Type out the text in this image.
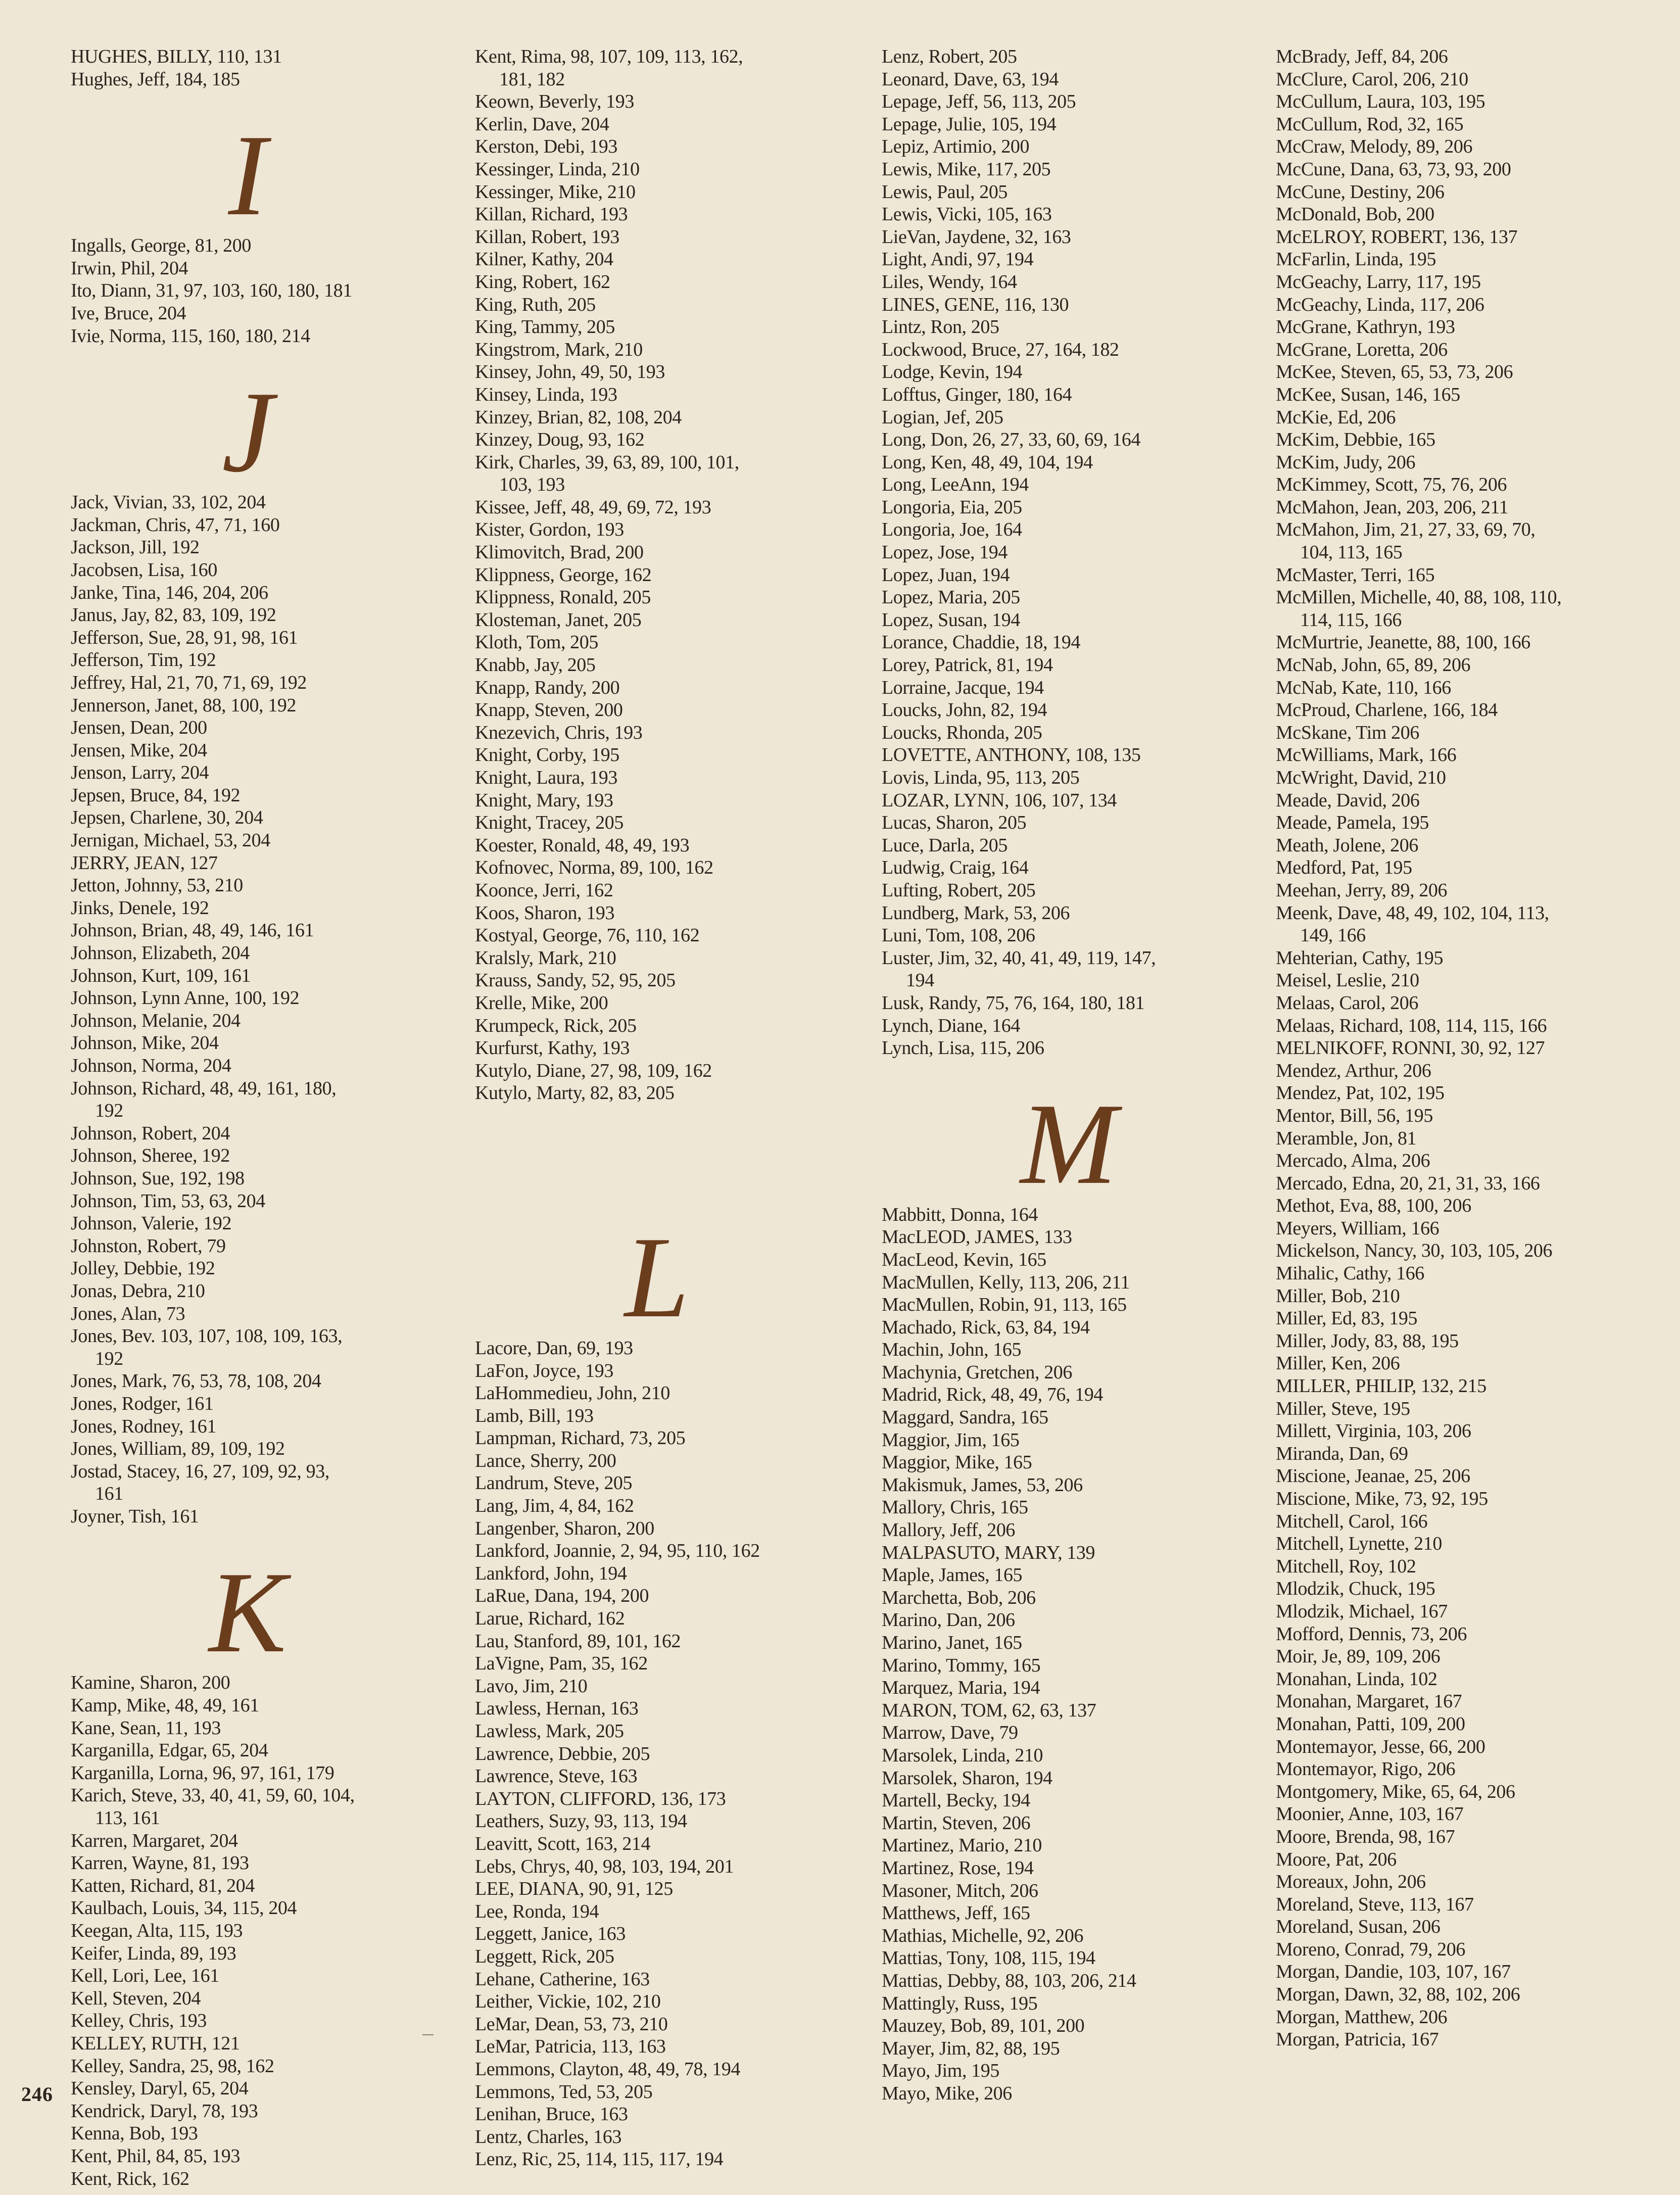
HUGHES, BILLY, 110, 131
Hughes, Jeff, 184, 185
I
Ingalls, George, 81, 200
Irwin, Phil, 204
Ito, Diann, 31, 97, 103, 160, 180, 181
Ive, Bruce, 204
Ivie, Norma, 115, 160, 180, 214
J
Jack, Vivian, 33, 102, 204
Jackman, Chris, 47, 71, 160
Jackson, Jill, 192
Jacobsen, Lisa, 160
Janke, Tina, 146, 204, 206
Janus, Jay, 82, 83, 109, 192
Jefferson, Sue, 28, 91, 98, 161
Jefferson, Tim, 192
Jeffrey, Hal, 21, 70, 71, 69, 192
Jennerson, Janet, 88, 100, 192
Jensen, Dean, 200
Jensen, Mike, 204
Jenson, Larry, 204
Jepsen, Bruce, 84, 192
Jepsen, Charlene, 30, 204
Jernigan, Michael, 53, 204
JERRY, JEAN, 127
Jetton, Johnny, 53, 210
Jinks, Denele, 192
Johnson, Brian, 48, 49, 146, 161
Johnson, Elizabeth, 204
Johnson, Kurt, 109, 161
Johnson, Lynn Anne, 100, 192
Johnson, Melanie, 204
Johnson, Mike, 204
Johnson, Norma, 204
Johnson, Richard, 48, 49, 161, 180,
192
Johnson, Robert, 204
Johnson, Sheree, 192
Johnson, Sue, 192, 198
Johnson, Tim, 53, 63, 204
Johnson, Valerie, 192
Johnston, Robert, 79
Jolley, Debbie, 192
Jonas, Debra, 210
Jones, Alan, 73
Jones, Bev. 103, 107, 108, 109, 163,
192
Jones, Mark, 76, 53, 78, 108, 204
Jones, Rodger, 161
Jones, Rodney, 161
Jones, William, 89, 109, 192
Jostad, Stacey, 16, 27, 109, 92, 93,
161
Joyner, Tish, 161
K
Kamine, Sharon, 200
Kamp, Mike, 48, 49, 161
Kane, Sean, 11, 193
Karganilla, Edgar, 65, 204
Karganilla, Lorna, 96, 97, 161, 179
Karich, Steve, 33, 40, 41, 59, 60, 104,
113, 161
Karren, Margaret, 204
Karren, Wayne, 81, 193
Katten, Richard, 81, 204
Kaulbach, Louis, 34, 115, 204
Keegan, Alta, 115, 193
Keifer, Linda, 89, 193
Kell, Lori, Lee, 161
Kell, Steven, 204
Kelley, Chris, 193
KELLEY, RUTH, 121
Kelley, Sandra, 25, 98, 162
Kensley, Daryl, 65, 204
Kendrick, Daryl, 78, 193
Kenna, Bob, 193
Kent, Phil, 84, 85, 193
Kent, Rick, 162
Kent, Rima, 98, 107, 109, 113, 162,
181, 182
Keown, Beverly, 193
Kerlin, Dave, 204
Kerston, Debi, 193
Kessinger, Linda, 210
Kessinger, Mike, 210
Killan, Richard, 193
Killan, Robert, 193
Kilner, Kathy, 204
King, Robert, 162
King, Ruth, 205
King, Tammy, 205
Kingstrom, Mark, 210
Kinsey, John, 49, 50, 193
Kinsey, Linda, 193
Kinzey, Brian, 82, 108, 204
Kinzey, Doug, 93, 162
Kirk, Charles, 39, 63, 89, 100, 101,
103, 193
Kissee, Jeff, 48, 49, 69, 72, 193
Kister, Gordon, 193
Klimovitch, Brad, 200
Klippness, George, 162
Klippness, Ronald, 205
Klosteman, Janet, 205
Kloth, Tom, 205
Knabb, Jay, 205
Knapp, Randy, 200
Knapp, Steven, 200
Knezevich, Chris, 193
Knight, Corby, 195
Knight, Laura, 193
Knight, Mary, 193
Knight, Tracey, 205
Koester, Ronald, 48, 49, 193
Kofnovec, Norma, 89, 100, 162
Koonce, Jerri, 162
Koos, Sharon, 193
Kostyal, George, 76, 110, 162
Kralsly, Mark, 210
Krauss, Sandy, 52, 95, 205
Krelle, Mike, 200
Krumpeck, Rick, 205
Kurfurst, Kathy, 193
Kutylo, Diane, 27, 98, 109, 162
Kutylo, Marty, 82, 83, 205
L
Lacore, Dan, 69, 193
LaFon, Joyce, 193
LaHommedieu, John, 210
Lamb, Bill, 193
Lampman, Richard, 73, 205
Lance, Sherry, 200
Landrum, Steve, 205
Lang, Jim, 4, 84, 162
Langenber, Sharon, 200
Lankford, Joannie, 2, 94, 95, 110, 162
Lankford, John, 194
LaRue, Dana, 194, 200
Larue, Richard, 162
Lau, Stanford, 89, 101, 162
LaVigne, Pam, 35, 162
Lavo, Jim, 210
Lawless, Hernan, 163
Lawless, Mark, 205
Lawrence, Debbie, 205
Lawrence, Steve, 163
LAYTON, CLIFFORD, 136, 173
Leathers, Suzy, 93, 113, 194
Leavitt, Scott, 163, 214
Lebs, Chrys, 40, 98, 103, 194, 201
LEE, DIANA, 90, 91, 125
Lee, Ronda, 194
Leggett, Janice, 163
Leggett, Rick, 205
Lehane, Catherine, 163
Leither, Vickie, 102, 210
LeMar, Dean, 53, 73, 210
LeMar, Patricia, 113, 163
Lemmons, Clayton, 48, 49, 78, 194
Lemmons, Ted, 53, 205
Lenihan, Bruce, 163
Lentz, Charles, 163
Lenz, Ric, 25, 114, 115, 117, 194
Lenz, Robert, 205
Leonard, Dave, 63, 194
Lepage, Jeff, 56, 113, 205
Lepage, Julie, 105, 194
Lepiz, Artimio, 200
Lewis, Mike, 117, 205
Lewis, Paul, 205
Lewis, Vicki, 105, 163
LieVan, Jaydene, 32, 163
Light, Andi, 97, 194
Liles, Wendy, 164
LINES, GENE, 116, 130
Lintz, Ron, 205
Lockwood, Bruce, 27, 164, 182
Lodge, Kevin, 194
Lofftus, Ginger, 180, 164
Logian, Jef, 205
Long, Don, 26, 27, 33, 60, 69, 164
Long, Ken, 48, 49, 104, 194
Long, LeeAnn, 194
Longoria, Eia, 205
Longoria, Joe, 164
Lopez, Jose, 194
Lopez, Juan, 194
Lopez, Maria, 205
Lopez, Susan, 194
Lorance, Chaddie, 18, 194
Lorey, Patrick, 81, 194
Lorraine, Jacque, 194
Loucks, John, 82, 194
Loucks, Rhonda, 205
LOVETTE, ANTHONY, 108, 135
Lovis, Linda, 95, 113, 205
LOZAR, LYNN, 106, 107, 134
Lucas, Sharon, 205
Luce, Darla, 205
Ludwig, Craig, 164
Lufting, Robert, 205
Lundberg, Mark, 53, 206
Luni, Tom, 108, 206
Luster, Jim, 32, 40, 41, 49, 119, 147,
194
Lusk, Randy, 75, 76, 164, 180, 181
Lynch, Diane, 164
Lynch, Lisa, 115, 206
M
Mabbitt, Donna, 164
MacLEOD, JAMES, 133
MacLeod, Kevin, 165
MacMullen, Kelly, 113, 206, 211
MacMullen, Robin, 91, 113, 165
Machado, Rick, 63, 84, 194
Machin, John, 165
Machynia, Gretchen, 206
Madrid, Rick, 48, 49, 76, 194
Maggard, Sandra, 165
Maggior, Jim, 165
Maggior, Mike, 165
Makismuk, James, 53, 206
Mallory, Chris, 165
Mallory, Jeff, 206
MALPASUTO, MARY, 139
Maple, James, 165
Marchetta, Bob, 206
Marino, Dan, 206
Marino, Janet, 165
Marino, Tommy, 165
Marquez, Maria, 194
MARON, TOM, 62, 63, 137
Marrow, Dave, 79
Marsolek, Linda, 210
Marsolek, Sharon, 194
Martell, Becky, 194
Martin, Steven, 206
Martinez, Mario, 210
Martinez, Rose, 194
Masoner, Mitch, 206
Matthews, Jeff, 165
Mathias, Michelle, 92, 206
Mattias, Tony, 108, 115, 194
Mattias, Debby, 88, 103, 206, 214
Mattingly, Russ, 195
Mauzey, Bob, 89, 101, 200
Mayer, Jim, 82, 88, 195
Mayo, Jim, 195
Mayo, Mike, 206
McBrady, Jeff, 84, 206
McClure, Carol, 206, 210
McCullum, Laura, 103, 195
McCullum, Rod, 32, 165
McCraw, Melody, 89, 206
McCune, Dana, 63, 73, 93, 200
McCune, Destiny, 206
McDonald, Bob, 200
McELROY, ROBERT, 136, 137
McFarlin, Linda, 195
McGeachy, Larry, 117, 195
McGeachy, Linda, 117, 206
McGrane, Kathryn, 193
McGrane, Loretta, 206
McKee, Steven, 65, 53, 73, 206
McKee, Susan, 146, 165
McKie, Ed, 206
McKim, Debbie, 165
McKim, Judy, 206
McKimmey, Scott, 75, 76, 206
McMahon, Jean, 203, 206, 211
McMahon, Jim, 21, 27, 33, 69, 70,
104, 113, 165
McMaster, Terri, 165
McMillen, Michelle, 40, 88, 108, 110,
114, 115, 166
McMurtrie, Jeanette, 88, 100, 166
McNab, John, 65, 89, 206
McNab, Kate, 110, 166
McProud, Charlene, 166, 184
McSkane, Tim 206
McWilliams, Mark, 166
McWright, David, 210
Meade, David, 206
Meade, Pamela, 195
Meath, Jolene, 206
Medford, Pat, 195
Meehan, Jerry, 89, 206
Meenk, Dave, 48, 49, 102, 104, 113,
149, 166
Mehterian, Cathy, 195
Meisel, Leslie, 210
Melaas, Carol, 206
Melaas, Richard, 108, 114, 115, 166
MELNIKOFF, RONNI, 30, 92, 127
Mendez, Arthur, 206
Mendez, Pat, 102, 195
Mentor, Bill, 56, 195
Meramble, Jon, 81
Mercado, Alma, 206
Mercado, Edna, 20, 21, 31, 33, 166
Methot, Eva, 88, 100, 206
Meyers, William, 166
Mickelson, Nancy, 30, 103, 105, 206
Mihalic, Cathy, 166
Miller, Bob, 210
Miller, Ed, 83, 195
Miller, Jody, 83, 88, 195
Miller, Ken, 206
MILLER, PHILIP, 132, 215
Miller, Steve, 195
Millett, Virginia, 103, 206
Miranda, Dan, 69
Miscione, Jeanae, 25, 206
Miscione, Mike, 73, 92, 195
Mitchell, Carol, 166
Mitchell, Lynette, 210
Mitchell, Roy, 102
Mlodzik, Chuck, 195
Mlodzik, Michael, 167
Mofford, Dennis, 73, 206
Moir, Je, 89, 109, 206
Monahan, Linda, 102
Monahan, Margaret, 167
Monahan, Patti, 109, 200
Montemayor, Jesse, 66, 200
Montemayor, Rigo, 206
Montgomery, Mike, 65, 64, 206
Moonier, Anne, 103, 167
Moore, Brenda, 98, 167
Moore, Pat, 206
Moreaux, John, 206
Moreland, Steve, 113, 167
Moreland, Susan, 206
Moreno, Conrad, 79, 206
Morgan, Dandie, 103, 107, 167
Morgan, Dawn, 32, 88, 102, 206
Morgan, Matthew, 206
Morgan, Patricia, 167
246
